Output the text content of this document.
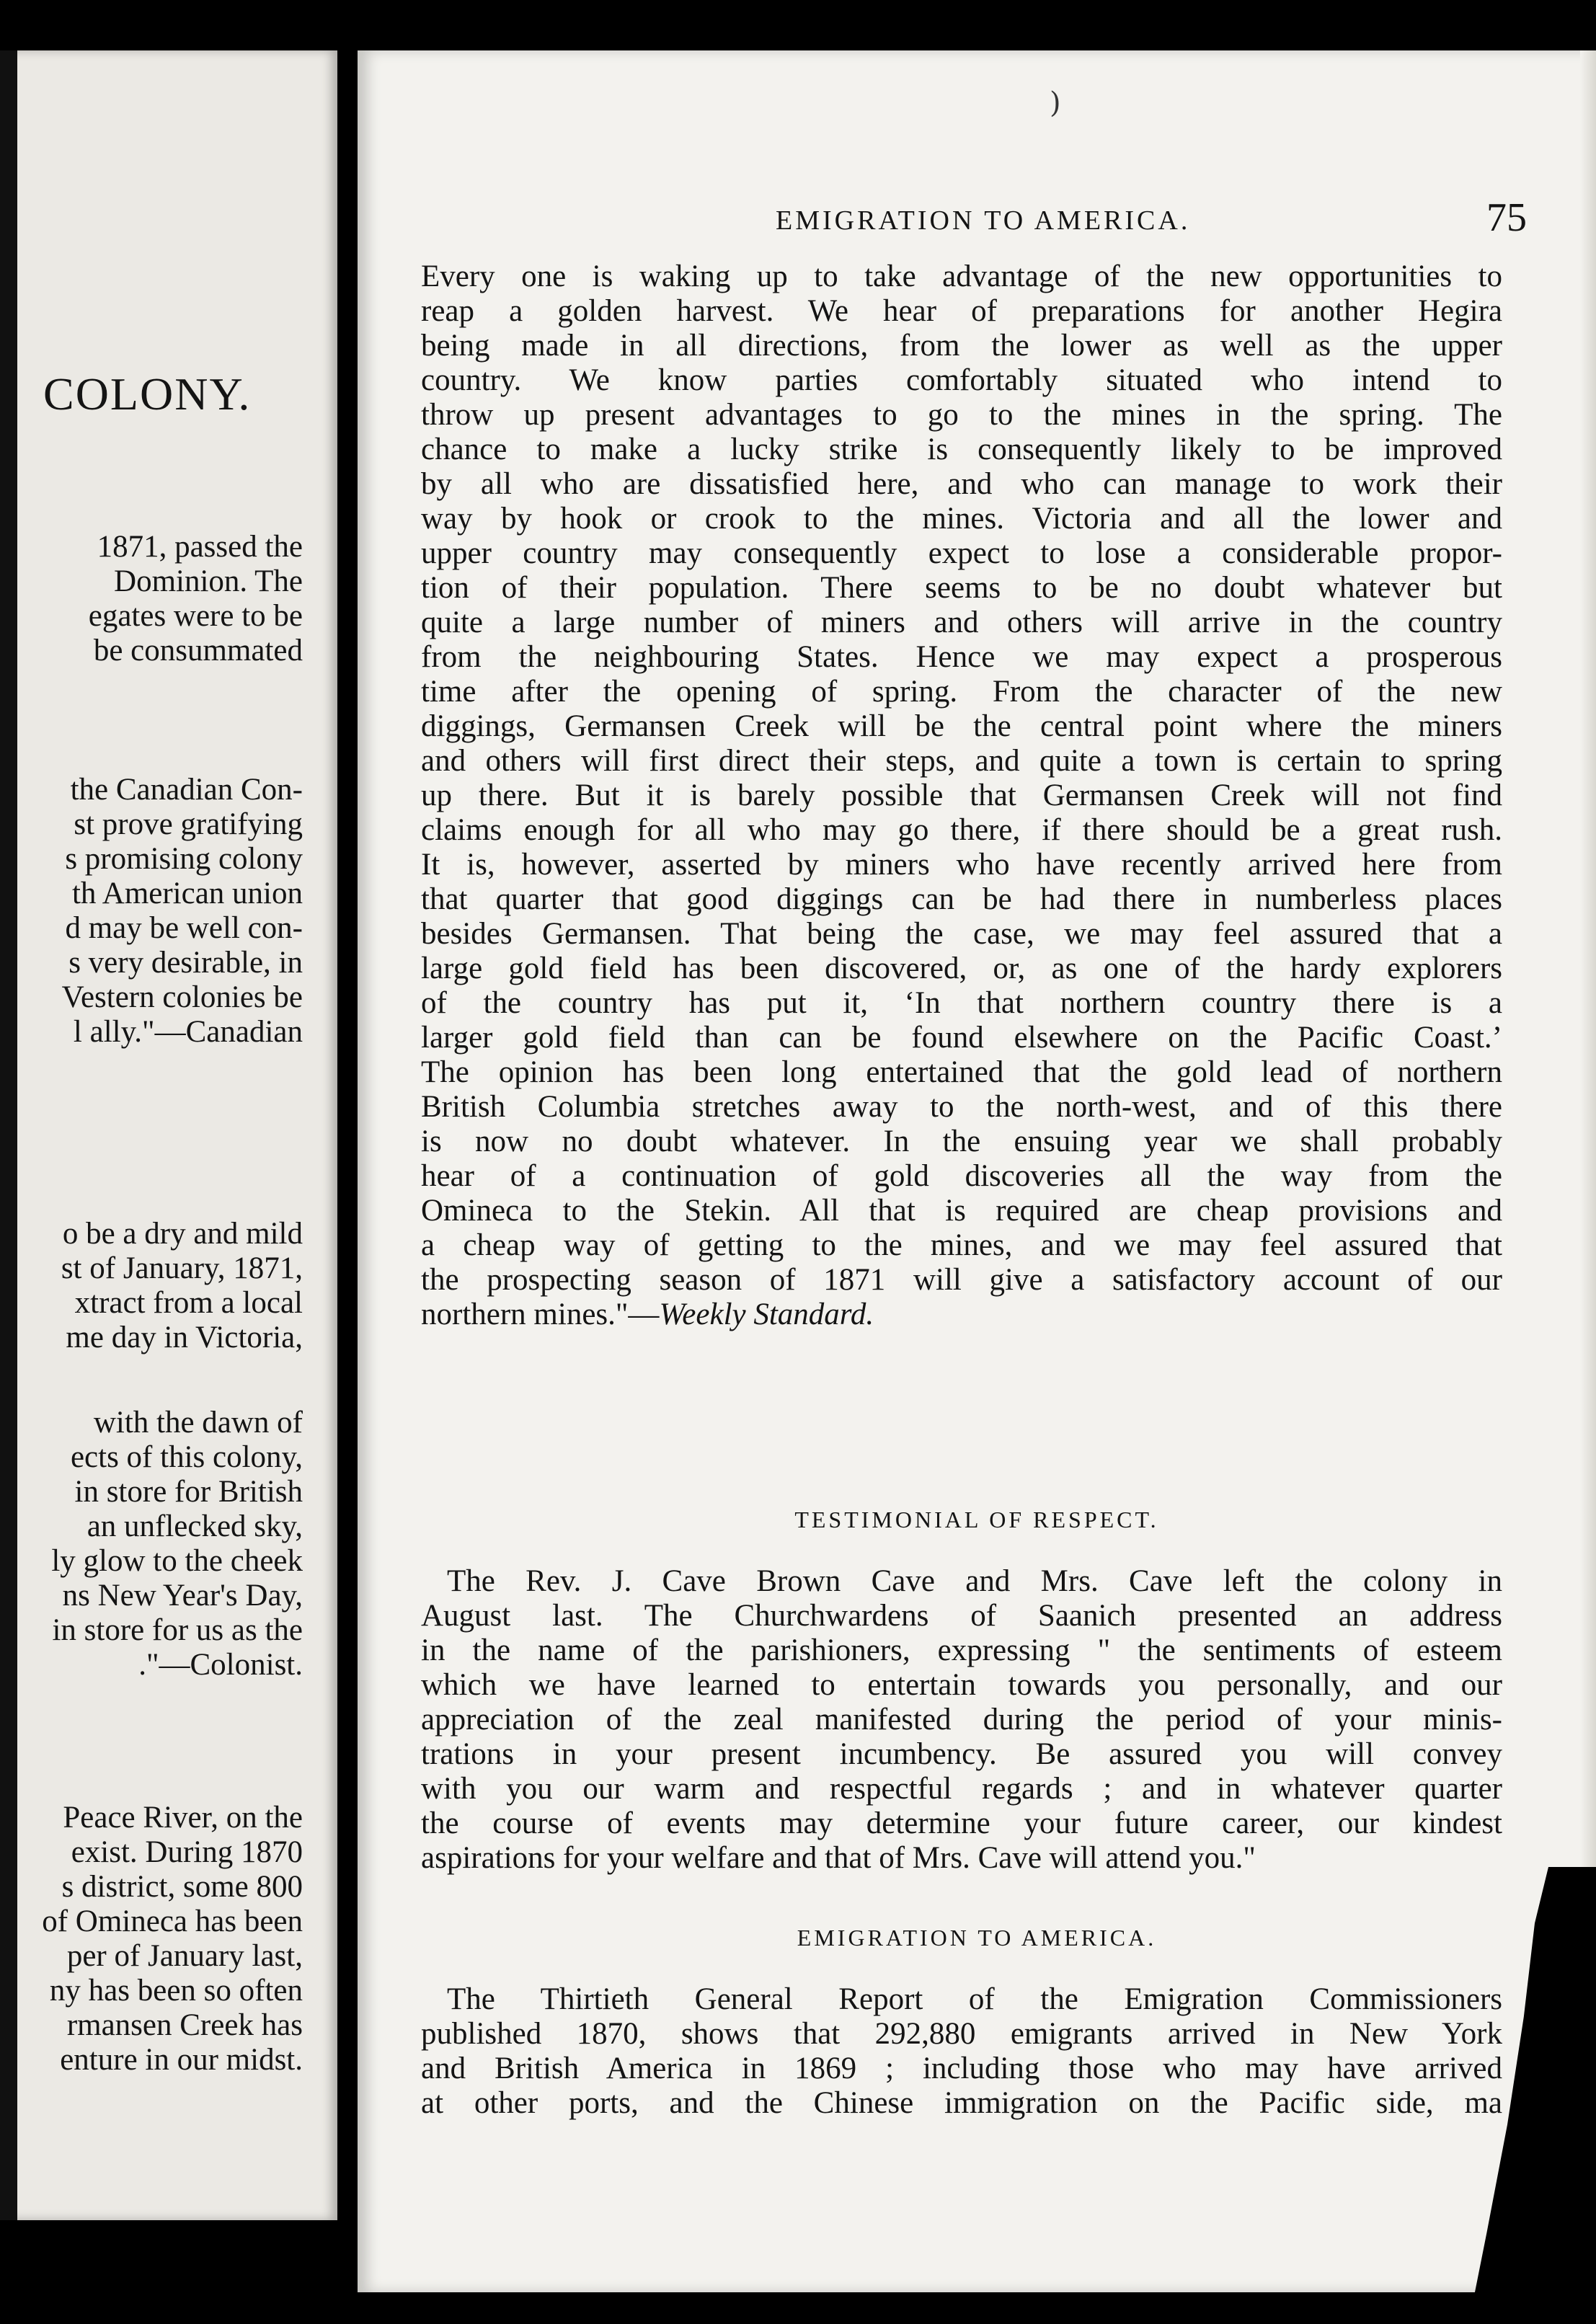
COLONY.
1871, passed the
Dominion. The
egates were to be
be consummated
the Canadian Con-
st prove gratifying
s promising colony
th American union
d may be well con-
s very desirable, in
Vestern colonies be
l ally."—Canadian
o be a dry and mild
st of January, 1871,
xtract from a local
me day in Victoria,
with the dawn of
ects of this colony,
in store for British
an unflecked sky,
ly glow to the cheek
ns New Year's Day,
in store for us as the
."—Colonist.
Peace River, on the
exist. During 1870
s district, some 800
of Omineca has been
per of January last,
ny has been so often
rmansen Creek has
enture in our midst.
)
EMIGRATION TO AMERICA.	75
Every one is waking up to take advantage of the new opportunities to
reap a golden harvest. We hear of preparations for another Hegira
being made in all directions, from the lower as well as the upper
country. We know parties comfortably situated who intend to
throw up present advantages to go to the mines in the spring. The
chance to make a lucky strike is consequently likely to be improved
by all who are dissatisfied here, and who can manage to work their
way by hook or crook to the mines. Victoria and all the lower and
upper country may consequently expect to lose a considerable propor-
tion of their population. There seems to be no doubt whatever but
quite a large number of miners and others will arrive in the country
from the neighbouring States. Hence we may expect a prosperous
time after the opening of spring. From the character of the new
diggings, Germansen Creek will be the central point where the miners
and others will first direct their steps, and quite a town is certain to spring
up there. But it is barely possible that Germansen Creek will not find
claims enough for all who may go there, if there should be a great rush.
It is, however, asserted by miners who have recently arrived here from
that quarter that good diggings can be had there in numberless places
besides Germansen. That being the case, we may feel assured that a
large gold field has been discovered, or, as one of the hardy explorers
of the country has put it, ‘In that northern country there is a
larger gold field than can be found elsewhere on the Pacific Coast.’
The opinion has been long entertained that the gold lead of northern
British Columbia stretches away to the north-west, and of this there
is now no doubt whatever. In the ensuing year we shall probably
hear of a continuation of gold discoveries all the way from the
Omineca to the Stekin. All that is required are cheap provisions and
a cheap way of getting to the mines, and we may feel assured that
the prospecting season of 1871 will give a satisfactory account of our
northern mines."—Weekly Standard.
TESTIMONIAL OF RESPECT.
The Rev. J. Cave Brown Cave and Mrs. Cave left the colony in
August last. The Churchwardens of Saanich presented an address
in the name of the parishioners, expressing " the sentiments of esteem
which we have learned to entertain towards you personally, and our
appreciation of the zeal manifested during the period of your minis-
trations in your present incumbency. Be assured you will convey
with you our warm and respectful regards ; and in whatever quarter
the course of events may determine your future career, our kindest
aspirations for your welfare and that of Mrs. Cave will attend you."
EMIGRATION TO AMERICA.
The Thirtieth General Report of the Emigration Commissioners
published 1870, shows that 292,880 emigrants arrived in New York
and British America in 1869 ; including those who may have arrived
at other ports, and the Chinese immigration on the Pacific side, ma
